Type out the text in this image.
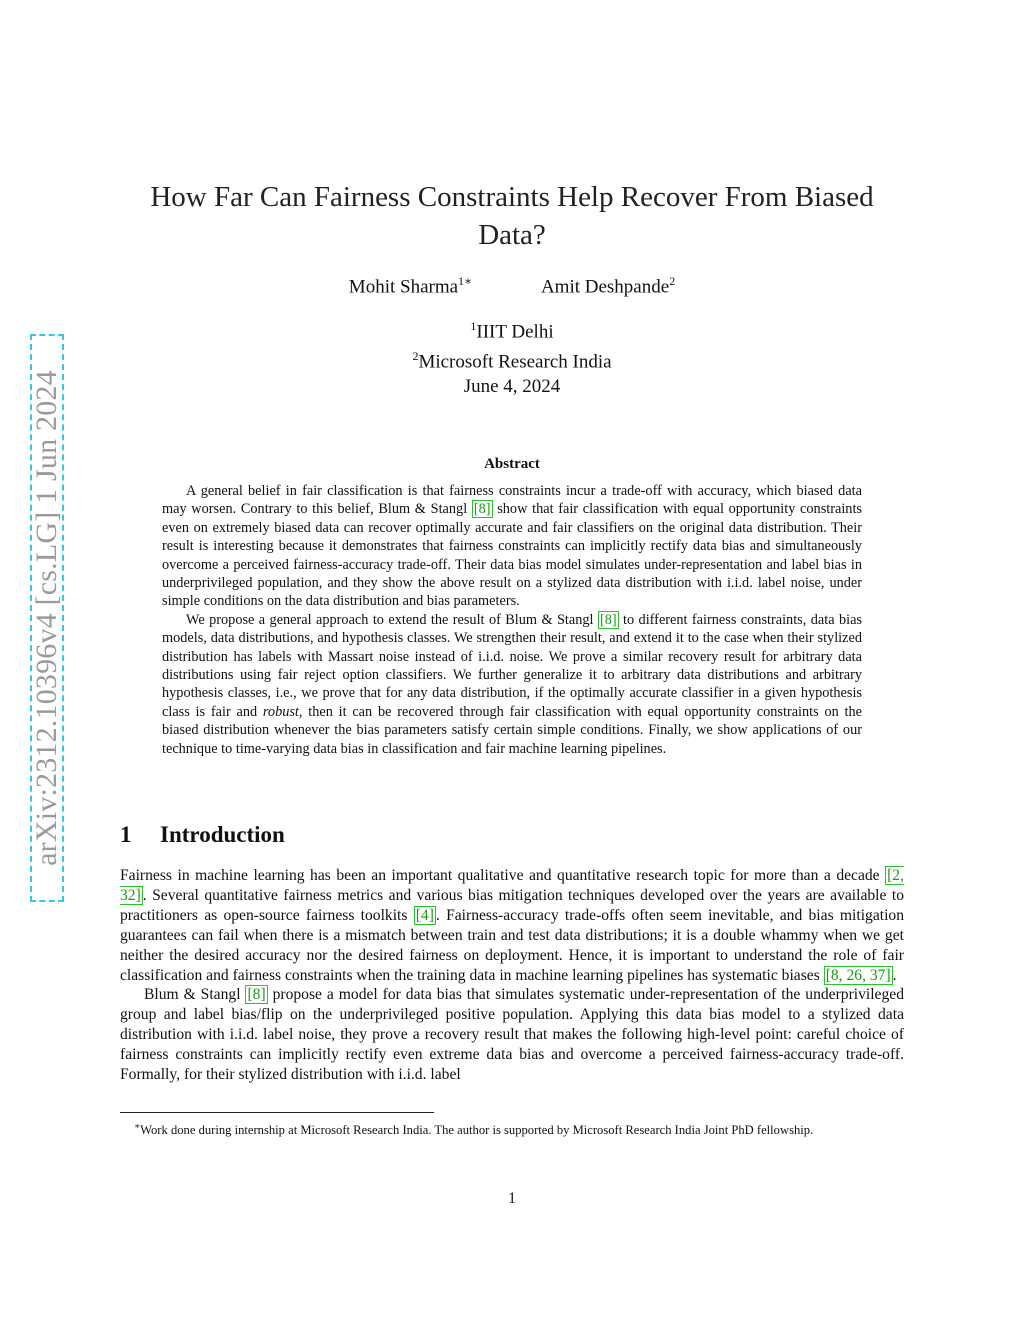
arXiv:2312.10396v4 [cs.LG] 1 Jun 2024
How Far Can Fairness Constraints Help Recover From Biased Data?
Mohit Sharma$^{1∗}$	Amit Deshpande$^2$
$^1$IIIT Delhi
$^2$Microsoft Research India
June 4, 2024
Abstract

A general belief in fair classification is that fairness constraints incur a trade-off with accuracy, which biased data may worsen. Contrary to this belief, Blum & Stangl [8] show that fair classification with equal opportunity constraints even on extremely biased data can recover optimally accurate and fair classifiers on the original data distribution. Their result is interesting because it demonstrates that fairness constraints can implicitly rectify data bias and simultaneously overcome a perceived fairness-accuracy trade-off. Their data bias model simulates under-representation and label bias in underprivileged population, and they show the above result on a stylized data distribution with i.i.d. label noise, under simple conditions on the data distribution and bias parameters.

We propose a general approach to extend the result of Blum & Stangl [8] to different fairness constraints, data bias models, data distributions, and hypothesis classes. We strengthen their result, and extend it to the case when their stylized distribution has labels with Massart noise instead of i.i.d. noise. We prove a similar recovery result for arbitrary data distributions using fair reject option classifiers. We further generalize it to arbitrary data distributions and arbitrary hypothesis classes, i.e., we prove that for any data distribution, if the optimally accurate classifier in a given hypothesis class is fair and robust, then it can be recovered through fair classification with equal opportunity constraints on the biased distribution whenever the bias parameters satisfy certain simple conditions. Finally, we show applications of our technique to time-varying data bias in classification and fair machine learning pipelines.

1 Introduction

Fairness in machine learning has been an important qualitative and quantitative research topic for more than a decade [2, 32] . Several quantitative fairness metrics and various bias mitigation techniques developed over the years are available to practitioners as open-source fairness toolkits [4] . Fairness-accuracy trade-offs often seem inevitable, and bias mitigation guarantees can fail when there is a mismatch between train and test data distributions; it is a double whammy when we get neither the desired accuracy nor the desired fairness on deployment. Hence, it is important to understand the role of fair classification and fairness constraints when the training data in machine learning pipelines has systematic biases [8, 26, 37] .

Blum & Stangl [8] propose a model for data bias that simulates systematic under-representation of the underprivileged group and label bias/flip on the underprivileged positive population. Applying this data bias model to a stylized data distribution with i.i.d. label noise, they prove a recovery result that makes the following high-level point: careful choice of fairness constraints can implicitly rectify even extreme data bias and overcome a perceived fairness-accuracy trade-off. Formally, for their stylized distribution with i.i.d. label

∗Work done during internship at Microsoft Research India. The author is supported by Microsoft Research India Joint PhD fellowship.
1
